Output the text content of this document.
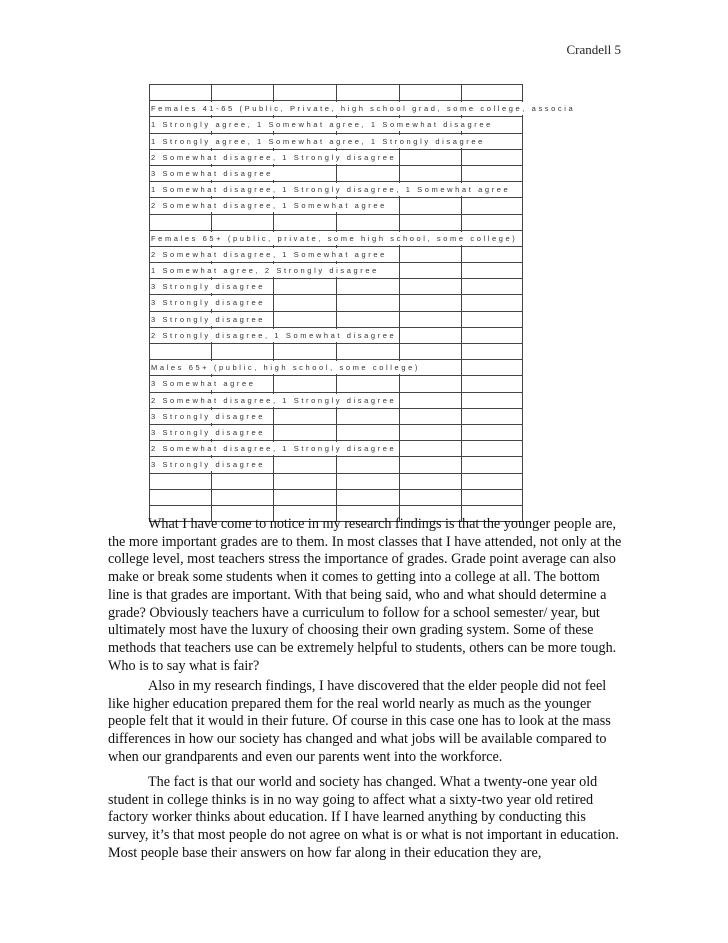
Crandell 5
Females 41-65 (Public, Private, high school grad, some college, associa
1 Strongly agree, 1 Somewhat agree, 1 Somewhat disagree
1 Strongly agree, 1 Somewhat agree, 1 Strongly disagree
2 Somewhat disagree, 1 Strongly disagree
3 Somewhat disagree
1 Somewhat disagree, 1 Strongly disagree, 1 Somewhat agree
2 Somewhat disagree, 1 Somewhat agree
Females 65+ (public, private, some high school, some college)
2 Somewhat disagree, 1 Somewhat agree
1 Somewhat agree, 2 Strongly disagree
3 Strongly disagree
3 Strongly disagree
3 Strongly disagree
2 Strongly disagree, 1 Somewhat disagree
Males 65+ (public, high school, some college)
3 Somewhat agree
2 Somewhat disagree, 1 Strongly disagree
3 Strongly disagree
3 Strongly disagree
2 Somewhat disagree, 1 Strongly disagree
3 Strongly disagree

What I have come to notice in my research findings is that the younger people are, the more important grades are to them. In most classes that I have attended, not only at the college level, most teachers stress the importance of grades. Grade point average can also make or break some students when it comes to getting into a college at all. The bottom line is that grades are important. With that being said, who and what should determine a grade? Obviously teachers have a curriculum to follow for a school semester/ year, but ultimately most have the luxury of choosing their own grading system. Some of these methods that teachers use can be extremely helpful to students, others can be more tough. Who is to say what is fair?

Also in my research findings, I have discovered that the elder people did not feel like higher education prepared them for the real world nearly as much as the younger people felt that it would in their future. Of course in this case one has to look at the mass differences in how our society has changed and what jobs will be available compared to when our grandparents and even our parents went into the workforce.

The fact is that our world and society has changed. What a twenty-one year old student in college thinks is in no way going to affect what a sixty-two year old retired factory worker thinks about education. If I have learned anything by conducting this survey, it’s that most people do not agree on what is or what is not important in education. Most people base their answers on how far along in their education they are,
